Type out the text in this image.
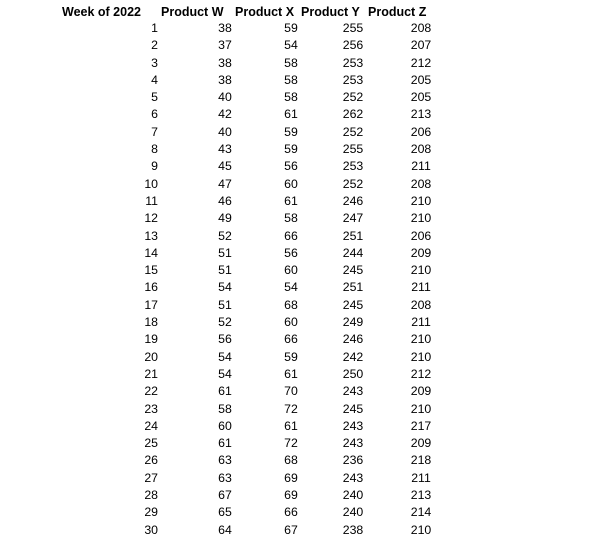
Week of 2022 Product W Product X Product Y Product Z
1	38	59	255	208
2	37	54	256	207
3	38	58	253	212
4	38	58	253	205
5	40	58	252	205
6	42	61	262	213
7	40	59	252	206
8	43	59	255	208
9	45	56	253	211
10	47	60	252	208
11	46	61	246	210
12	49	58	247	210
13	52	66	251	206
14	51	56	244	209
15	51	60	245	210
16	54	54	251	211
17	51	68	245	208
18	52	60	249	211
19	56	66	246	210
20	54	59	242	210
21	54	61	250	212
22	61	70	243	209
23	58	72	245	210
24	60	61	243	217
25	61	72	243	209
26	63	68	236	218
27	63	69	243	211
28	67	69	240	213
29	65	66	240	214
30	64	67	238	210
